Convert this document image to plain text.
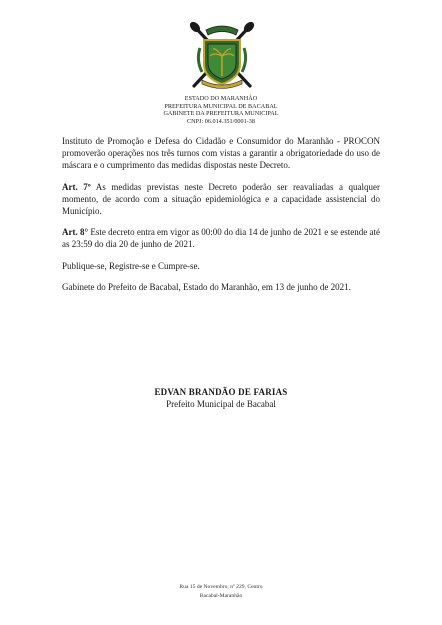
ESTADO DO MARANHÃO
PREFEITURA MUNICIPAL DE BACABAL
GABINETE DA PREFEITURA MUNICIPAL
CNPJ: 06.014.351/0001-38

Instituto de Promoção e Defesa do Cidadão e Consumidor do Maranhão - PROCON promoverão operações nos três turnos com vistas a garantir a obrigatoriedade do uso de máscara e o cumprimento das medidas dispostas neste Decreto.

Art. 7º As medidas previstas neste Decreto poderão ser reavaliadas a qualquer momento, de acordo com a situação epidemiológica e a capacidade assistencial do Município.

Art. 8° Este decreto entra em vigor as 00:00 do dia 14 de junho de 2021 e se estende até as 23:59 do dia 20 de junho de 2021.

Publique-se, Registre-se e Cumpre-se.

Gabinete do Prefeito de Bacabal, Estado do Maranhão, em 13 de junho de 2021.

EDVAN BRANDÃO DE FARIAS
Prefeito Municipal de Bacabal
Rua 15 de Novembro, nº 229, Centro
Bacabal-Maranhão
